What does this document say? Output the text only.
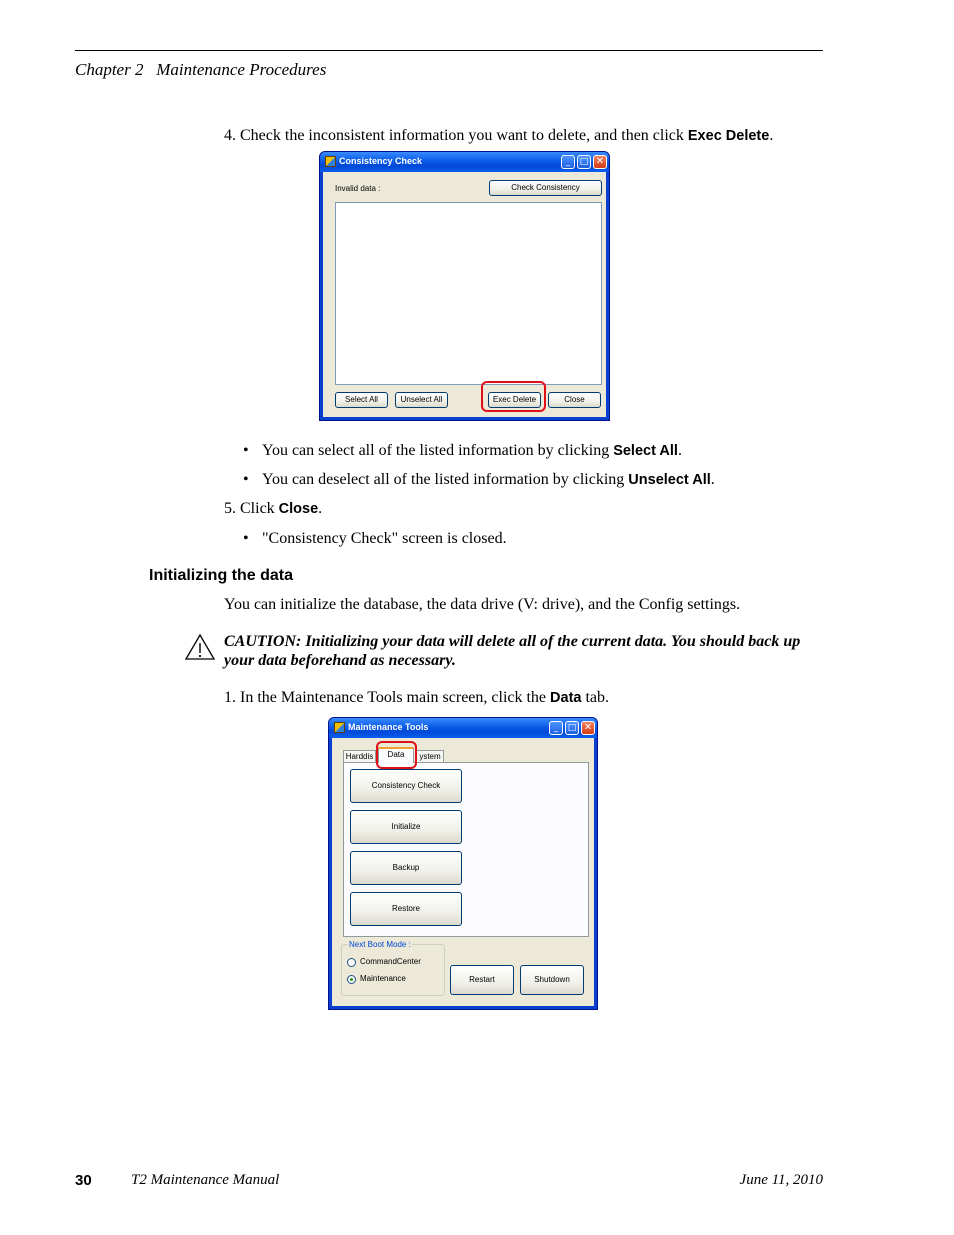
Chapter 2   Maintenance Procedures
4. Check the inconsistent information you want to delete, and then click Exec Delete.
Consistency Check	_	□ ✕
Invalid data :	Check Consistency
Select All	Unselect All	Exec Delete	Close
• You can select all of the listed information by clicking Select All.
• You can deselect all of the listed information by clicking Unselect All.
5. Click Close.
• "Consistency Check" screen is closed.
Initializing the data
You can initialize the database, the data drive (V: drive), and the Config settings.
CAUTION: Initializing your data will delete all of the current data. You should back up your data beforehand as necessary.
1. In the Maintenance Tools main screen, click the Data tab.
Maintenance Tools	_	□ ✕
Harddis	ystem
Consistency Check
Initialize
Backup
Restore
Data
Next Boot Mode :
CommandCenter
Maintenance	Restart	Shutdown
30	T2 Maintenance Manual	June 11, 2010
